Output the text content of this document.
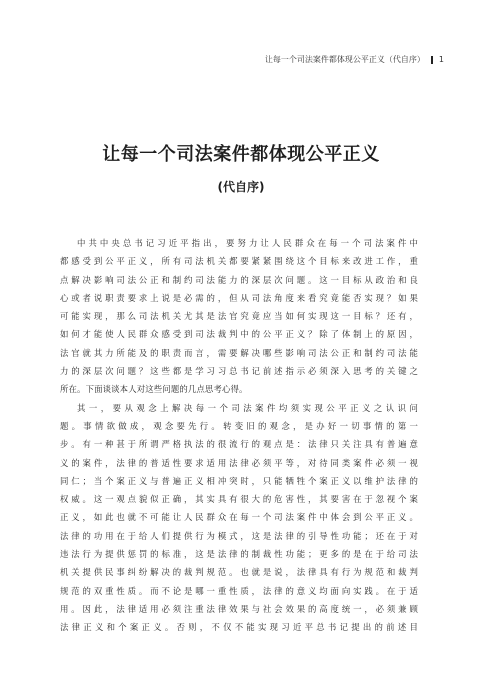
让每一个司法案件都体现公平正义（代自序） 1
让每一个司法案件都体现公平正义
(代自序)
中共中央总书记习近平指出，要努力让人民群众在每一个司法案件中
都感受到公平正义，所有司法机关都要紧紧围绕这个目标来改进工作，重
点解决影响司法公正和制约司法能力的深层次问题。这一目标从政治和良
心或者说职责要求上说是必需的，但从司法角度来看究竟能否实现？如果
可能实现，那么司法机关尤其是法官究竟应当如何实现这一目标？还有，
如何才能使人民群众感受到司法裁判中的公平正义？除了体制上的原因，
法官就其力所能及的职责而言，需要解决哪些影响司法公正和制约司法能
力的深层次问题？这些都是学习习总书记前述指示必须深入思考的关键之
所在。下面谈谈本人对这些问题的几点思考心得。
其一，要从观念上解决每一个司法案件均须实现公平正义之认识问
题。事情欲做成，观念要先行。转变旧的观念，是办好一切事情的第一
步。有一种甚于所谓严格执法的很流行的观点是：法律只关注具有普遍意
义的案件，法律的普适性要求适用法律必须平等，对待同类案件必须一视
同仁；当个案正义与普遍正义相冲突时，只能牺牲个案正义以维护法律的
权威。这一观点貌似正确，其实具有很大的危害性，其要害在于忽视个案
正义，如此也就不可能让人民群众在每一个司法案件中体会到公平正义。
法律的功用在于给人们提供行为模式，这是法律的引导性功能；还在于对
违法行为提供惩罚的标准，这是法律的制裁性功能；更多的是在于给司法
机关提供民事纠纷解决的裁判规范。也就是说，法律具有行为规范和裁判
规范的双重性质。而不论是哪一重性质，法律的意义均面向实践。在于适
用。因此，法律适用必须注重法律效果与社会效果的高度统一，必须兼顾
法律正义和个案正义。否则，不仅不能实现习近平总书记提出的前述目
